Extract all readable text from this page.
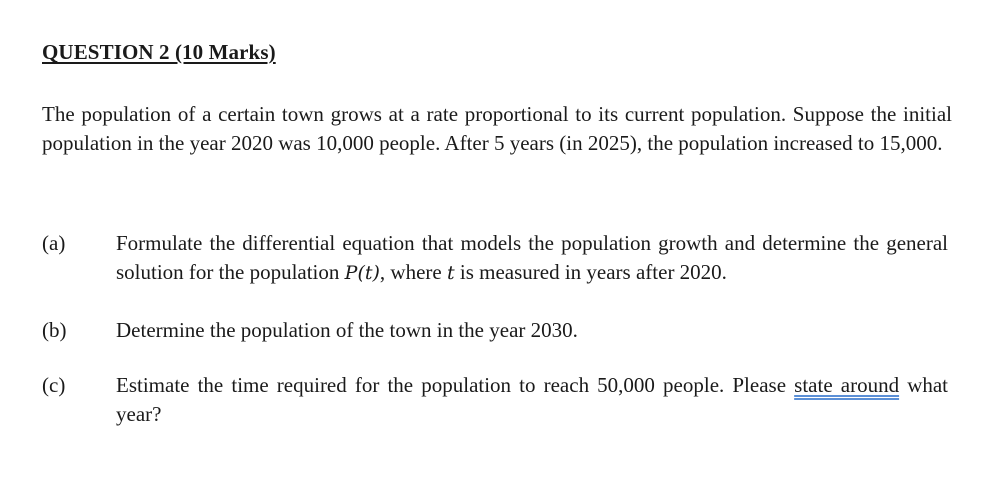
QUESTION 2 (10 Marks)
The population of a certain town grows at a rate proportional to its current population. Suppose the initial population in the year 2020 was 10,000 people. After 5 years (in 2025), the population increased to 15,000.
(a) Formulate the differential equation that models the population growth and determine the general solution for the population P(t), where t is measured in years after 2020.
(b) Determine the population of the town in the year 2030.
(c) Estimate the time required for the population to reach 50,000 people. Please state around what year?
